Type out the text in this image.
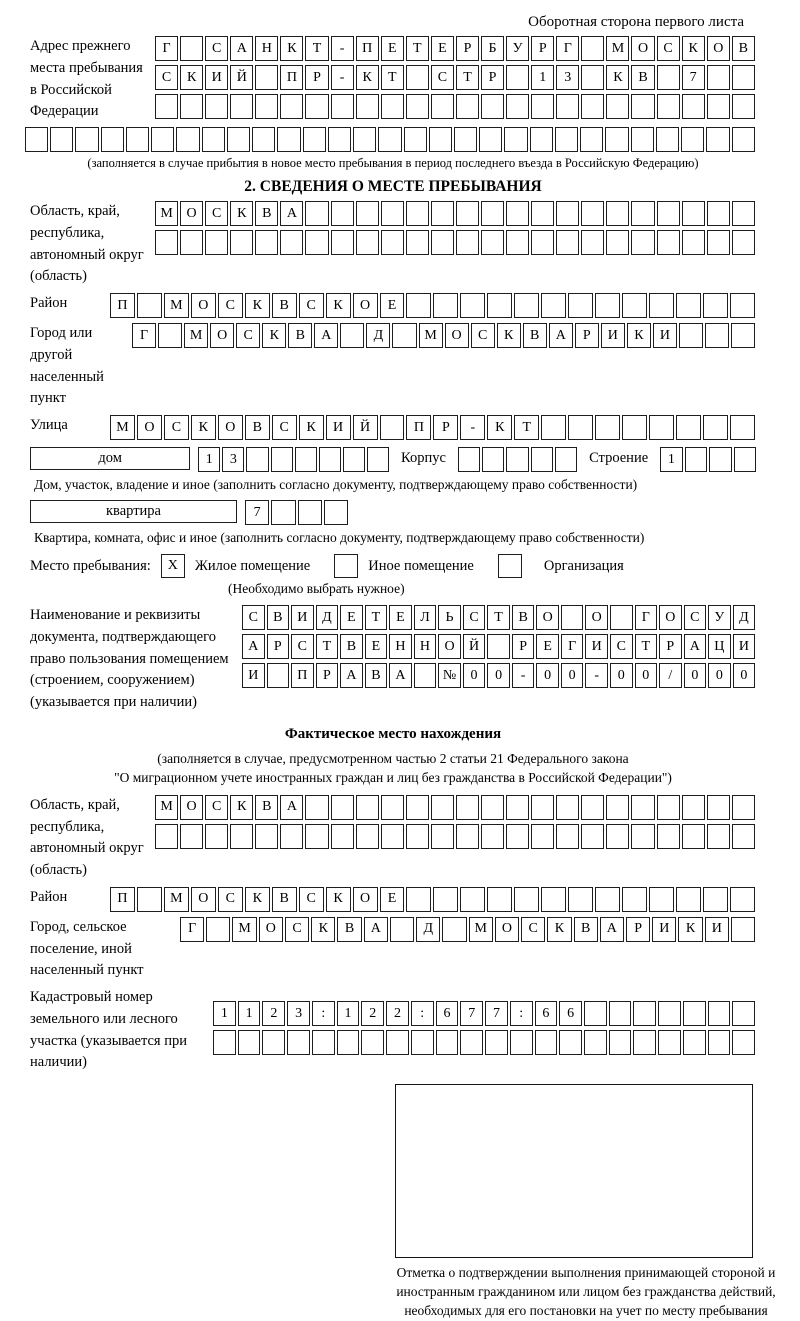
Оборотная сторона первого листа
Адрес прежнего места пребывания в Российской Федерации
Г	С	А	Н	К	Т	-	П	Е	Т	Е	Р	Б	У	Р	Г	М О	С	К	О	В
С	К	И	Й	П	Р	-	К	Т	С	Т	Р	1	3	К	В	7
(заполняется в случае прибытия в новое место пребывания в период последнего въезда в Российскую Федерацию)
2. СВЕДЕНИЯ О МЕСТЕ ПРЕБЫВАНИЯ
Область, край, республика, автономный округ (область)
М О	С	К	В	А
Район	П	М	О	С	К	В	С	К	О	Е
Город или другой населенный пункт
Г	М	О	С	К	В	А	Д	М	О	С	К	В	А	Р	И	К	И
Улица	М	О	С	К	О	В	С	К	И	Й	П	Р	-	К	Т
дом	1	3	Корпус	Строение	1
Дом, участок, владение и иное (заполнить согласно документу, подтверждающему право собственности)
квартира	7
Квартира, комната, офис и иное (заполнить согласно документу, подтверждающему право собственности)
Место пребывания:	X	Жилое помещение	Иное помещение	Организация
(Необходимо выбрать нужное)
Наименование и реквизиты документа, подтверждающего право пользования помещением (строением, сооружением) (указывается при наличии)
С	В	И	Д	Е	Т	Е	Л	Ь	С	Т	В	О	О	Г	О	С	У	Д
А	Р	С	Т	В	Е	Н	Н	О	Й	Р	Е	Г	И	С	Т	Р	А	Ц	И
И	П	Р	А	В	А	№	0	0	-	0	0	-	0	0	/	0	0	0
Фактическое место нахождения
(заполняется в случае, предусмотренном частью 2 статьи 21 Федерального закона
"О миграционном учете иностранных граждан и лиц без гражданства в Российской Федерации")
Область, край, республика, автономный округ (область)
М О	С	К	В	А
Район	П	М	О	С	К	В	С	К	О	Е
Город, сельское поселение, иной населенный пункт
Г	М	О	С	К	В	А	Д	М	О	С	К	В	А	Р	И	К	И
Кадастровый номер земельного или лесного участка (указывается при наличии)
1	1	2	3	:	1	2	2	:	6	7	7	:	6	6
Отметка о подтверждении выполнения принимающей стороной и иностранным гражданином или лицом без гражданства действий, необходимых для его постановки на учет по месту пребывания
